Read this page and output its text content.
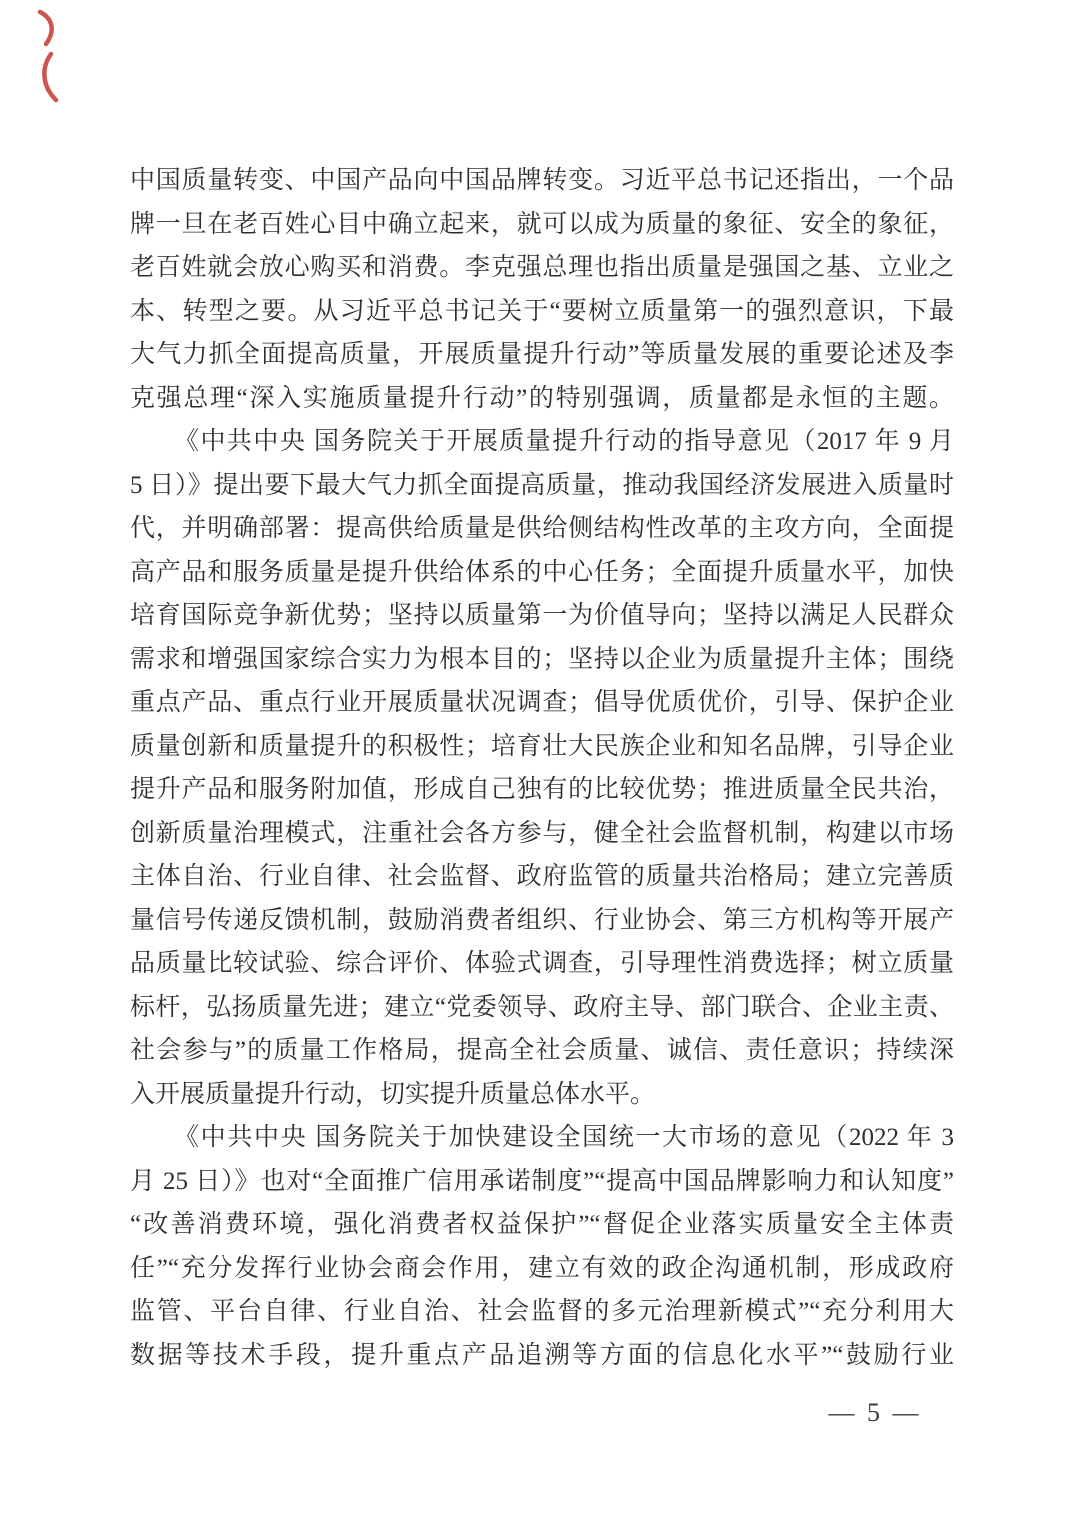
中国质量转变、中国产品向中国品牌转变。习近平总书记还指出，一个品
牌一旦在老百姓心目中确立起来，就可以成为质量的象征、安全的象征，
老百姓就会放心购买和消费。李克强总理也指出质量是强国之基、立业之
本、转型之要。从习近平总书记关于“要树立质量第一的强烈意识，下最
大气力抓全面提高质量，开展质量提升行动”等质量发展的重要论述及李
克强总理“深入实施质量提升行动”的特别强调，质量都是永恒的主题。
《中共中央 国务院关于开展质量提升行动的指导意见（2017 年 9 月
5 日）》提出要下最大气力抓全面提高质量，推动我国经济发展进入质量时
代，并明确部署：提高供给质量是供给侧结构性改革的主攻方向，全面提
高产品和服务质量是提升供给体系的中心任务；全面提升质量水平，加快
培育国际竞争新优势；坚持以质量第一为价值导向；坚持以满足人民群众
需求和增强国家综合实力为根本目的；坚持以企业为质量提升主体；围绕
重点产品、重点行业开展质量状况调查；倡导优质优价，引导、保护企业
质量创新和质量提升的积极性；培育壮大民族企业和知名品牌，引导企业
提升产品和服务附加值，形成自己独有的比较优势；推进质量全民共治，
创新质量治理模式，注重社会各方参与，健全社会监督机制，构建以市场
主体自治、行业自律、社会监督、政府监管的质量共治格局；建立完善质
量信号传递反馈机制，鼓励消费者组织、行业协会、第三方机构等开展产
品质量比较试验、综合评价、体验式调查，引导理性消费选择；树立质量
标杆，弘扬质量先进；建立“党委领导、政府主导、部门联合、企业主责、
社会参与”的质量工作格局，提高全社会质量、诚信、责任意识；持续深
入开展质量提升行动，切实提升质量总体水平。
《中共中央 国务院关于加快建设全国统一大市场的意见（2022 年 3
月 25 日）》也对“全面推广信用承诺制度”“提高中国品牌影响力和认知度”
“改善消费环境，强化消费者权益保护”“督促企业落实质量安全主体责
任”“充分发挥行业协会商会作用，建立有效的政企沟通机制，形成政府
监管、平台自律、行业自治、社会监督的多元治理新模式”“充分利用大
数据等技术手段，提升重点产品追溯等方面的信息化水平”“鼓励行业
— 5 —
